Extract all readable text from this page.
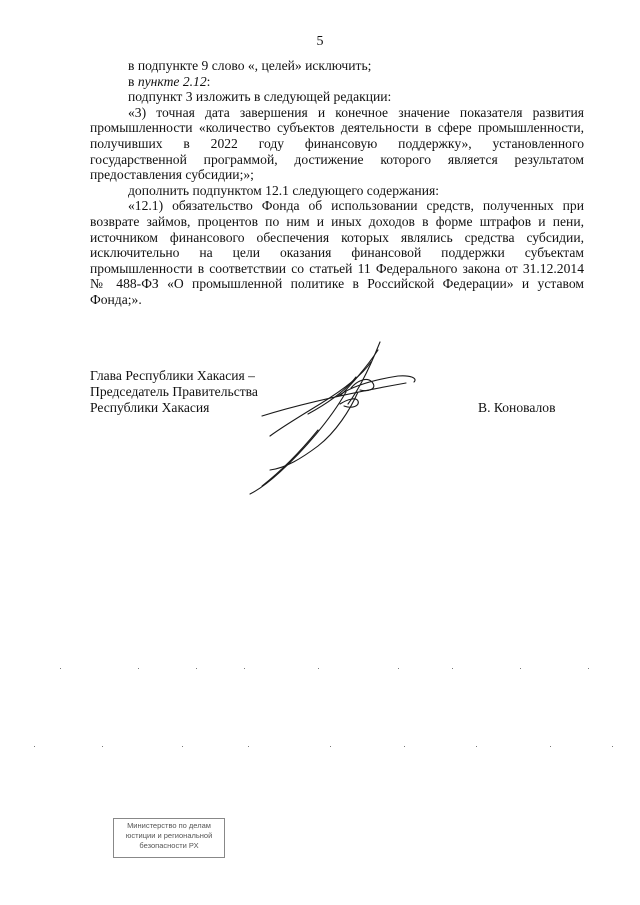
5

в подпункте 9 слово «, целей» исключить;

в пункте 2.12:

подпункт 3 изложить в следующей редакции:

«3) точная дата завершения и конечное значение показателя развития

промышленности «количество субъектов деятельности в сфере промышленности,

получивших в 2022 году финансовую поддержку», установленного

государственной программой, достижение которого является результатом

предоставления субсидии;»;

дополнить подпунктом 12.1 следующего содержания:

«12.1) обязательство Фонда об использовании средств, полученных при

возврате займов, процентов по ним и иных доходов в форме штрафов и пени,

источником финансового обеспечения которых являлись средства субсидии,

исключительно на цели оказания финансовой поддержки субъектам

промышленности в соответствии со статьей 11 Федерального закона от 31.12.2014

№ 488-ФЗ «О промышленной политике в Российской Федерации» и уставом

Фонда;».

Глава Республики Хакасия –
Председатель Правительства
Республики Хакасия	В. Коновалов
Министерство по делам
юстиции и региональной
безопасности РХ
